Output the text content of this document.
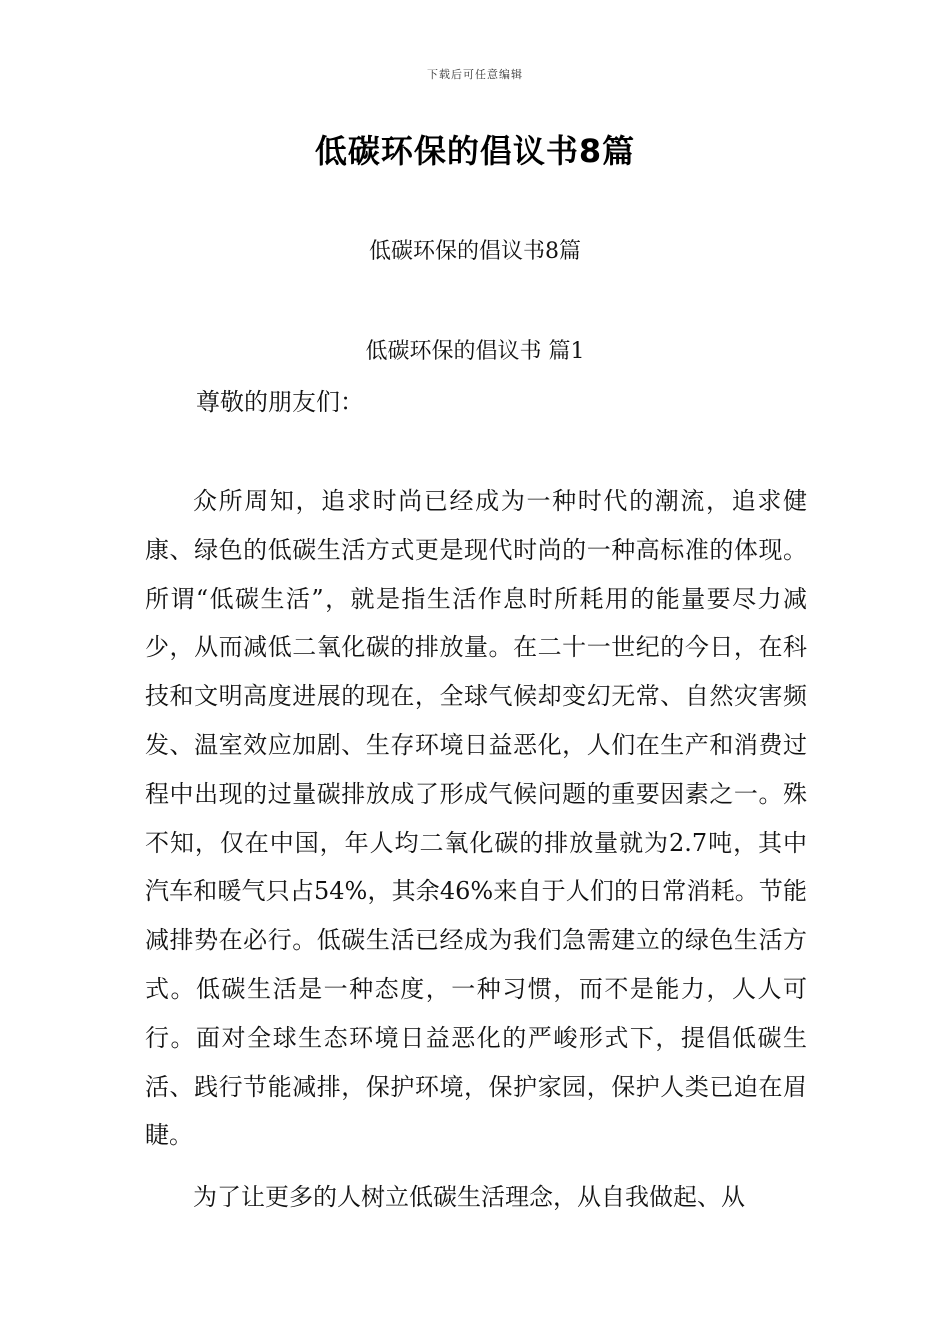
下载后可任意编辑
低碳环保的倡议书8篇
低碳环保的倡议书8篇
低碳环保的倡议书 篇1
尊敬的朋友们：

众所周知，追求时尚已经成为一种时代的潮流，追求健康、绿色的低碳生活方式更是现代时尚的一种高标准的体现。所谓“低碳生活”，就是指生活作息时所耗用的能量要尽力减少，从而减低二氧化碳的排放量。在二十一世纪的今日，在科技和文明高度进展的现在，全球气候却变幻无常、自然灾害频发、温室效应加剧、生存环境日益恶化，人们在生产和消费过程中出现的过量碳排放成了形成气候问题的重要因素之一。殊不知，仅在中国，年人均二氧化碳的排放量就为2.7吨，其中汽车和暖气只占54%，其余46%来自于人们的日常消耗。节能减排势在必行。低碳生活已经成为我们急需建立的绿色生活方式。低碳生活是一种态度，一种习惯，而不是能力，人人可行。面对全球生态环境日益恶化的严峻形式下，提倡低碳生活、践行节能减排，保护环境，保护家园，保护人类已迫在眉睫。

为了让更多的人树立低碳生活理念，从自我做起、从
